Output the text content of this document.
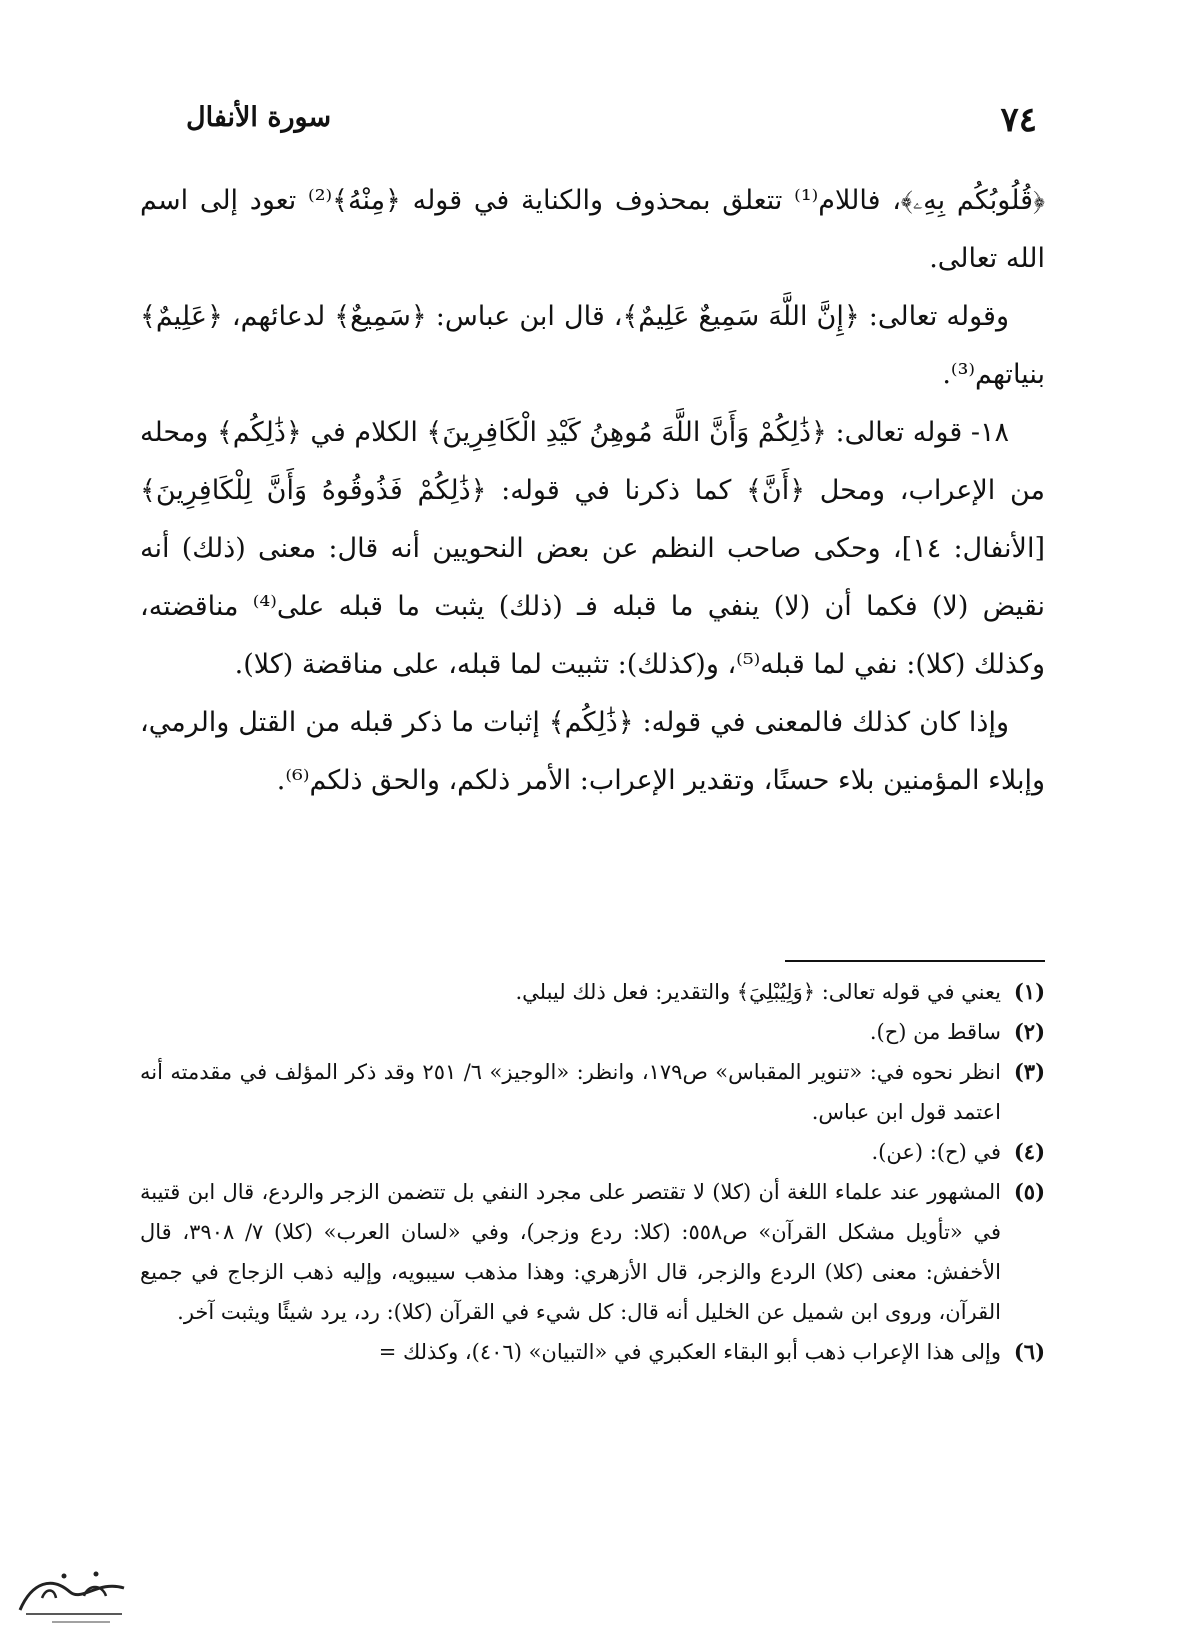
سورة الأنفال	٧٤

﴿قُلُوبُكُم بِهِۦ﴾، فاللام⁽¹⁾ تتعلق بمحذوف والكناية في قوله ﴿مِنْهُ﴾⁽²⁾ تعود إلى اسم الله تعالى.

وقوله تعالى: ﴿إِنَّ اللَّهَ سَمِيعٌ عَلِيمٌ﴾، قال ابن عباس: ﴿سَمِيعٌ﴾ لدعائهم، ﴿عَلِيمٌ﴾ بنياتهم⁽³⁾.

١٨- قوله تعالى: ﴿ذَٰلِكُمْ وَأَنَّ اللَّهَ مُوهِنُ كَيْدِ الْكَافِرِينَ﴾ الكلام في ﴿ذَٰلِكُم﴾ ومحله من الإعراب، ومحل ﴿أَنَّ﴾ كما ذكرنا في قوله: ﴿ذَٰلِكُمْ فَذُوقُوهُ وَأَنَّ لِلْكَافِرِينَ﴾ [الأنفال: ١٤]، وحكى صاحب النظم عن بعض النحويين أنه قال: معنى (ذلك) أنه نقيض (لا) فكما أن (لا) ينفي ما قبله فـ (ذلك) يثبت ما قبله على⁽⁴⁾ مناقضته، وكذلك (كلا): نفي لما قبله⁽⁵⁾، و(كذلك): تثبيت لما قبله، على مناقضة (كلا).

وإذا كان كذلك فالمعنى في قوله: ﴿ذَٰلِكُم﴾ إثبات ما ذكر قبله من القتل والرمي، وإبلاء المؤمنين بلاء حسنًا، وتقدير الإعراب: الأمر ذلكم، والحق ذلكم⁽⁶⁾.

(١)
يعني في قوله تعالى: ﴿وَلِيُبْلِيَ﴾ والتقدير: فعل ذلك ليبلي.
(٢)
ساقط من (ح).
(٣)
انظر نحوه في: «تنوير المقباس» ص١٧٩، وانظر: «الوجيز» ٦/ ٢٥١ وقد ذكر المؤلف في مقدمته أنه اعتمد قول ابن عباس.
(٤)
في (ح): (عن).
(٥)
المشهور عند علماء اللغة أن (كلا) لا تقتصر على مجرد النفي بل تتضمن الزجر والردع، قال ابن قتيبة في «تأويل مشكل القرآن» ص٥٥٨: (كلا: ردع وزجر)، وفي «لسان العرب» (كلا) ٧/ ٣٩٠٨، قال الأخفش: معنى (كلا) الردع والزجر، قال الأزهري: وهذا مذهب سيبويه، وإليه ذهب الزجاج في جميع القرآن، وروى ابن شميل عن الخليل أنه قال: كل شيء في القرآن (كلا): رد، يرد شيئًا ويثبت آخر.
(٦)
وإلى هذا الإعراب ذهب أبو البقاء العكبري في «التبيان» (٤٠٦)، وكذلك =
